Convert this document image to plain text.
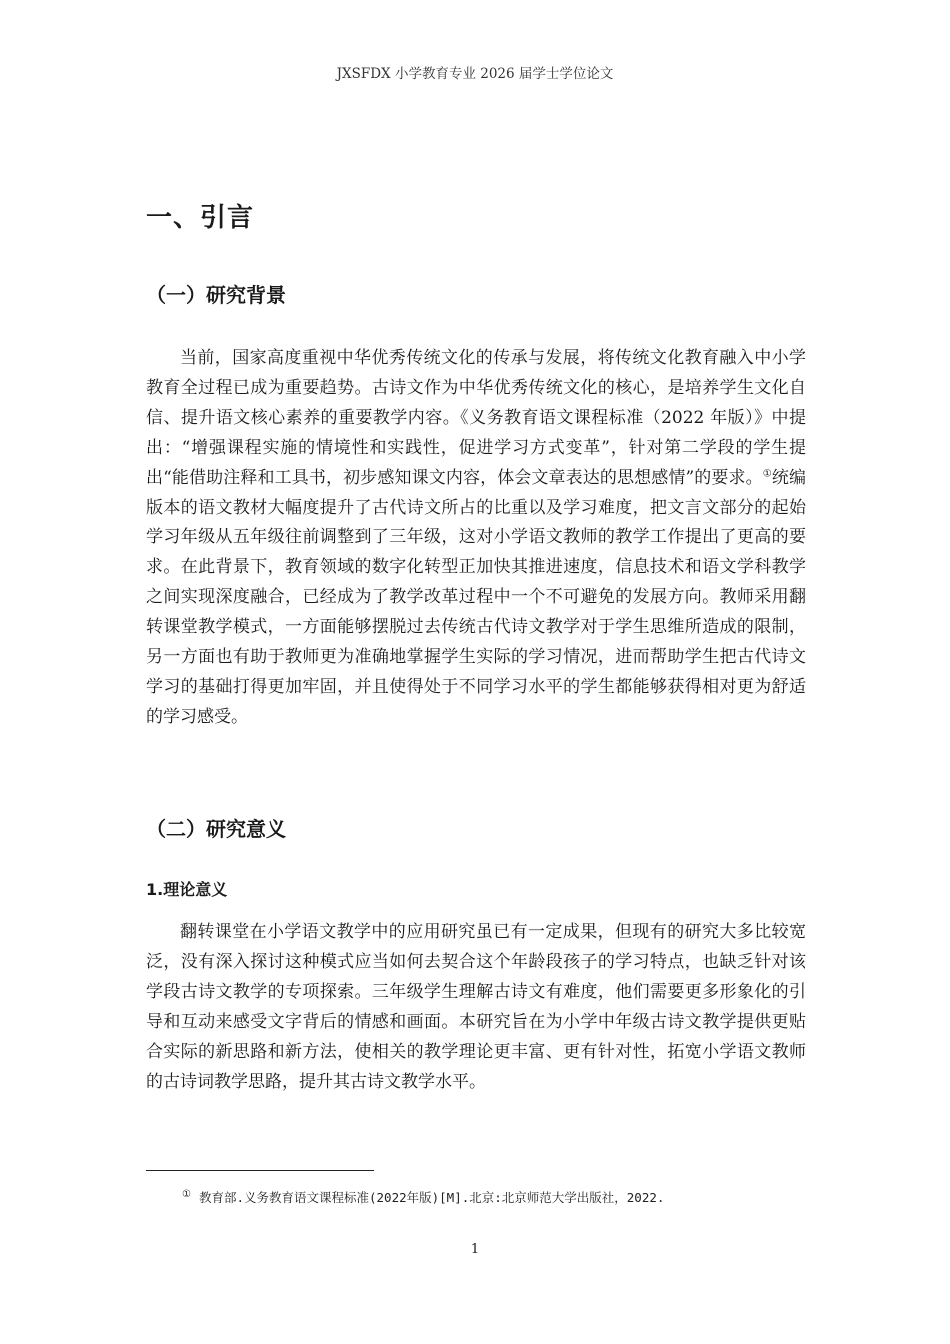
JXSFDX 小学教育专业 2026 届学士学位论文
一、引言
（一）研究背景

当前，国家高度重视中华优秀传统文化的传承与发展，将传统文化教育融入中小学教育全过程已成为重要趋势。古诗文作为中华优秀传统文化的核心，是培养学生文化自信、提升语文核心素养的重要教学内容。《义务教育语文课程标准（2022 年版）》中提出：“增强课程实施的情境性和实践性，促进学习方式变革”，针对第二学段的学生提出“能借助注释和工具书，初步感知课文内容，体会文章表达的思想感情”的要求。①统编版本的语文教材大幅度提升了古代诗文所占的比重以及学习难度，把文言文部分的起始学习年级从五年级往前调整到了三年级，这对小学语文教师的教学工作提出了更高的要求。在此背景下，教育领域的数字化转型正加快其推进速度，信息技术和语文学科教学之间实现深度融合，已经成为了教学改革过程中一个不可避免的发展方向。教师采用翻转课堂教学模式，一方面能够摆脱过去传统古代诗文教学对于学生思维所造成的限制，另一方面也有助于教师更为准确地掌握学生实际的学习情况，进而帮助学生把古代诗文学习的基础打得更加牢固，并且使得处于不同学习水平的学生都能够获得相对更为舒适的学习感受。

（二）研究意义
1.理论意义

翻转课堂在小学语文教学中的应用研究虽已有一定成果，但现有的研究大多比较宽泛，没有深入探讨这种模式应当如何去契合这个年龄段孩子的学习特点，也缺乏针对该学段古诗文教学的专项探索。三年级学生理解古诗文有难度，他们需要更多形象化的引导和互动来感受文字背后的情感和画面。本研究旨在为小学中年级古诗文教学提供更贴合实际的新思路和新方法，使相关的教学理论更丰富、更有针对性，拓宽小学语文教师的古诗词教学思路，提升其古诗文教学水平。

① 教育部.义务教育语文课程标准(2022年版)[M].北京:北京师范大学出版社，2022.

1
